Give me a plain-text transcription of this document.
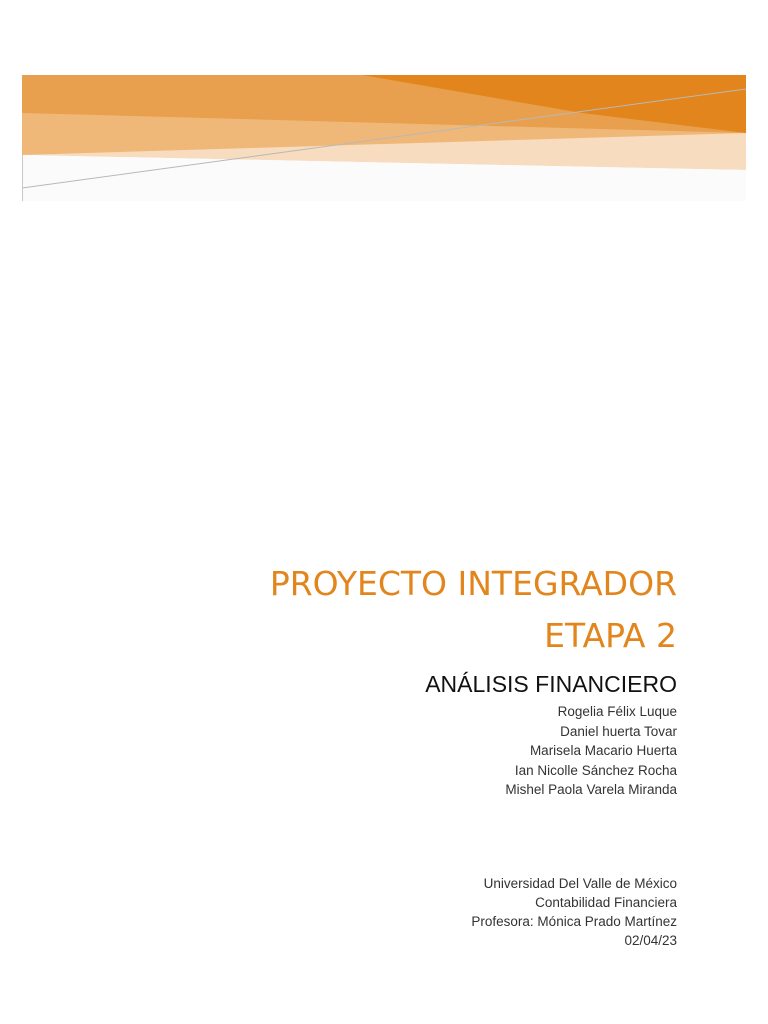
PROYECTO INTEGRADOR
ETAPA 2
ANÁLISIS FINANCIERO
Rogelia Félix Luque
Daniel huerta Tovar
Marisela Macario Huerta
Ian Nicolle Sánchez Rocha
Mishel Paola Varela Miranda
Universidad Del Valle de México
Contabilidad Financiera
Profesora: Mónica Prado Martínez
02/04/23
